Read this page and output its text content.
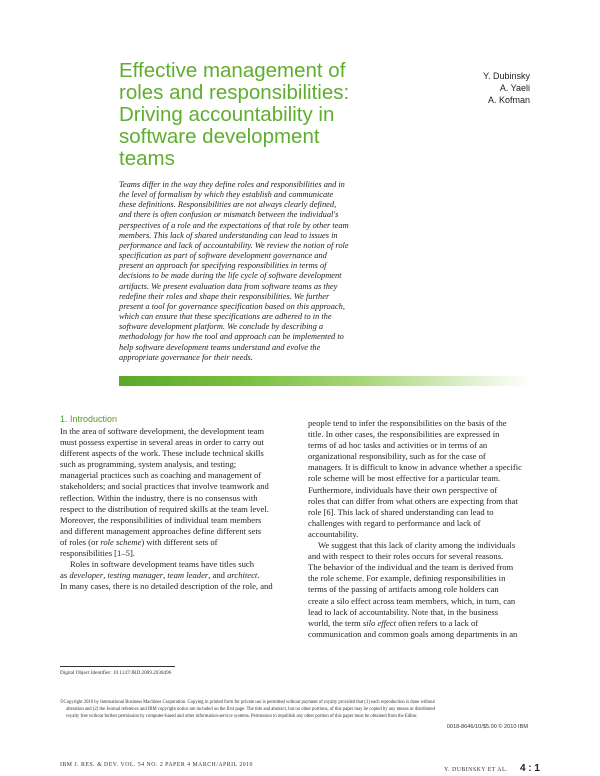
Effective management of
roles and responsibilities:
Driving accountability in
software development
teams
Y. Dubinsky
A. Yaeli
A. Kofman
Teams differ in the way they define roles and responsibilities and in
the level of formalism by which they establish and communicate
these definitions. Responsibilities are not always clearly defined,
and there is often confusion or mismatch between the individual's
perspectives of a role and the expectations of that role by other team
members. This lack of shared understanding can lead to issues in
performance and lack of accountability. We review the notion of role
specification as part of software development governance and
present an approach for specifying responsibilities in terms of
decisions to be made during the life cycle of software development
artifacts. We present evaluation data from software teams as they
redefine their roles and shape their responsibilities. We further
present a tool for governance specification based on this approach,
which can ensure that these specifications are adhered to in the
software development platform. We conclude by describing a
methodology for how the tool and approach can be implemented to
help software development teams understand and evolve the
appropriate governance for their needs.
1. Introduction
In the area of software development, the development team
must possess expertise in several areas in order to carry out
different aspects of the work. These include technical skills
such as programming, system analysis, and testing;
managerial practices such as coaching and management of
stakeholders; and social practices that involve teamwork and
reflection. Within the industry, there is no consensus with
respect to the distribution of required skills at the team level.
Moreover, the responsibilities of individual team members
and different management approaches define different sets
of roles (or role scheme) with different sets of
responsibilities [1–5].
Roles in software development teams have titles such
as developer, testing manager, team leader, and architect.
In many cases, there is no detailed description of the role, and
people tend to infer the responsibilities on the basis of the
title. In other cases, the responsibilities are expressed in
terms of ad hoc tasks and activities or in terms of an
organizational responsibility, such as for the case of
managers. It is difficult to know in advance whether a specific
role scheme will be most effective for a particular team.
Furthermore, individuals have their own perspective of
roles that can differ from what others are expecting from that
role [6]. This lack of shared understanding can lead to
challenges with regard to performance and lack of
accountability.
We suggest that this lack of clarity among the individuals
and with respect to their roles occurs for several reasons.
The behavior of the individual and the team is derived from
the role scheme. For example, defining responsibilities in
terms of the passing of artifacts among role holders can
create a silo effect across team members, which, in turn, can
lead to lack of accountability. Note that, in the business
world, the term silo effect often refers to a lack of
communication and common goals among departments in an
Digital Object Identifier: 10.1147/JRD.2009.2038496
©Copyright 2010 by International Business Machines Corporation. Copying in printed form for private use is permitted without payment of royalty provided that (1) each reproduction is done without
alteration and (2) the Journal reference and IBM copyright notice are included on the first page. The title and abstract, but no other portions, of this paper may be copied by any means or distributed
royalty free without further permission by computer-based and other information-service systems. Permission to republish any other portion of this paper must be obtained from the Editor.
0018-8646/10/$5.00 © 2010 IBM
IBM J. RES. & DEV. VOL. 54 NO. 2 PAPER 4 MARCH/APRIL 2010
Y. DUBINSKY ET AL. 4 : 1
